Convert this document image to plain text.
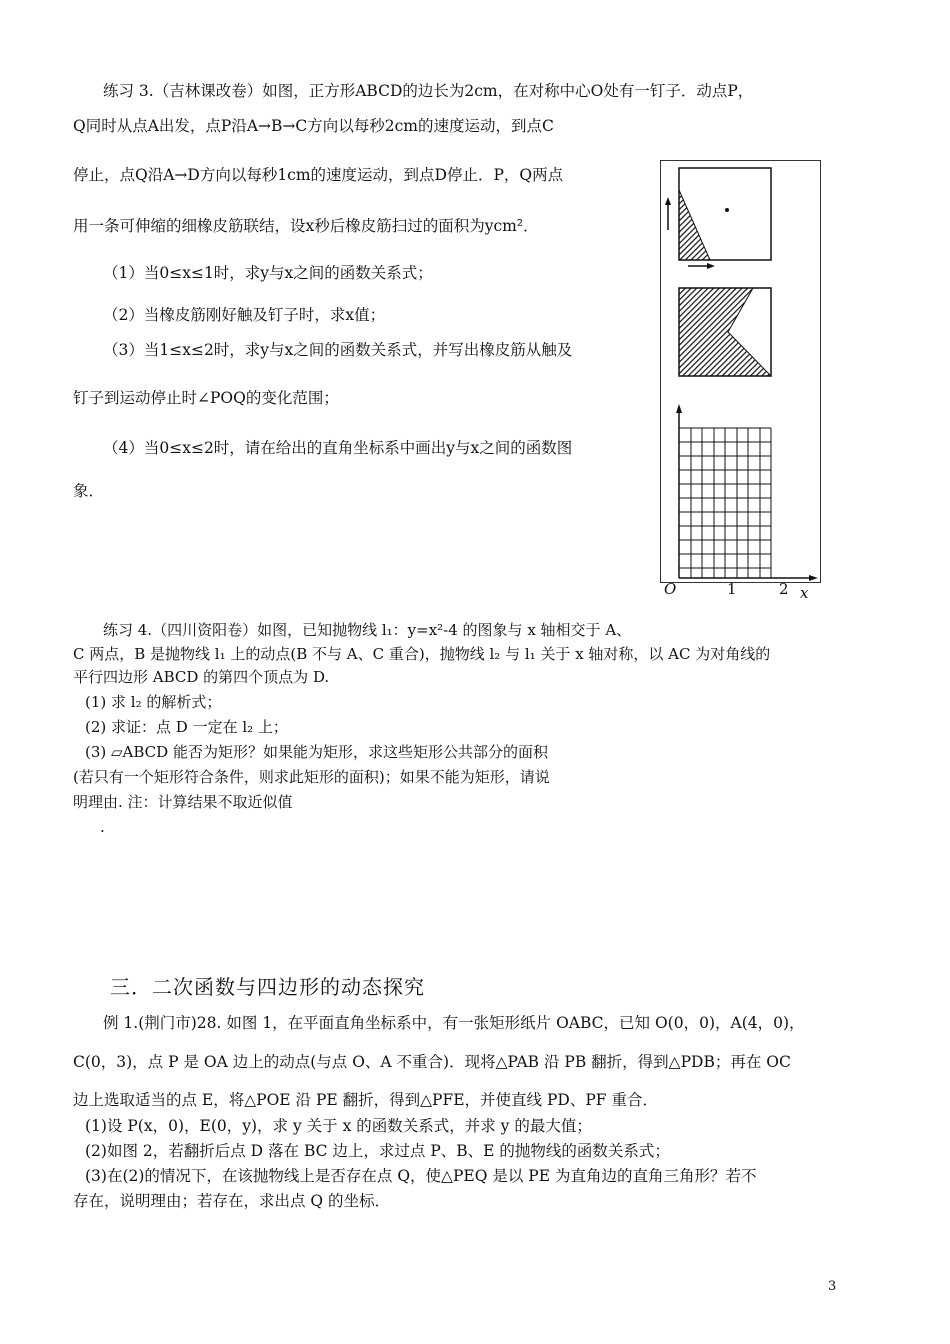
练习 3.（吉林课改卷）如图，正方形ABCD的边长为2cm，在对称中心O处有一钉子．动点P，
Q同时从点A出发，点P沿A→B→C方向以每秒2cm的速度运动，到点C
停止，点Q沿A→D方向以每秒1cm的速度运动，到点D停止．P，Q两点
用一条可伸缩的细橡皮筋联结，设x秒后橡皮筋扫过的面积为ycm²．
（1）当0≤x≤1时，求y与x之间的函数关系式；
（2）当橡皮筋刚好触及钉子时，求x值；
（3）当1≤x≤2时，求y与x之间的函数关系式，并写出橡皮筋从触及
钉子到运动停止时∠POQ的变化范围；
（4）当0≤x≤2时，请在给出的直角坐标系中画出y与x之间的函数图
象．
O	1	2 x
练习 4.（四川资阳卷）如图，已知抛物线 l₁：y=x²-4 的图象与 x 轴相交于 A、
C 两点，B 是抛物线 l₁ 上的动点(B 不与 A、C 重合)，抛物线 l₂ 与 l₁ 关于 x 轴对称，以 AC 为对角线的
平行四边形 ABCD 的第四个顶点为 D.
(1) 求 l₂ 的解析式；
(2) 求证：点 D 一定在 l₂ 上；
(3) ▱ABCD 能否为矩形？如果能为矩形，求这些矩形公共部分的面积
(若只有一个矩形符合条件，则求此矩形的面积)；如果不能为矩形，请说
明理由. 注：计算结果不取近似值
.
三．二次函数与四边形的动态探究
例 1.(荆门市)28. 如图 1，在平面直角坐标系中，有一张矩形纸片 OABC，已知 O(0，0)，A(4，0)，
C(0，3)，点 P 是 OA 边上的动点(与点 O、A 不重合)．现将△PAB 沿 PB 翻折，得到△PDB；再在 OC
边上选取适当的点 E，将△POE 沿 PE 翻折，得到△PFE，并使直线 PD、PF 重合．
(1)设 P(x，0)，E(0，y)，求 y 关于 x 的函数关系式，并求 y 的最大值；
(2)如图 2，若翻折后点 D 落在 BC 边上，求过点 P、B、E 的抛物线的函数关系式；
(3)在(2)的情况下，在该抛物线上是否存在点 Q，使△PEQ 是以 PE 为直角边的直角三角形？若不
存在，说明理由；若存在，求出点 Q 的坐标．
3
